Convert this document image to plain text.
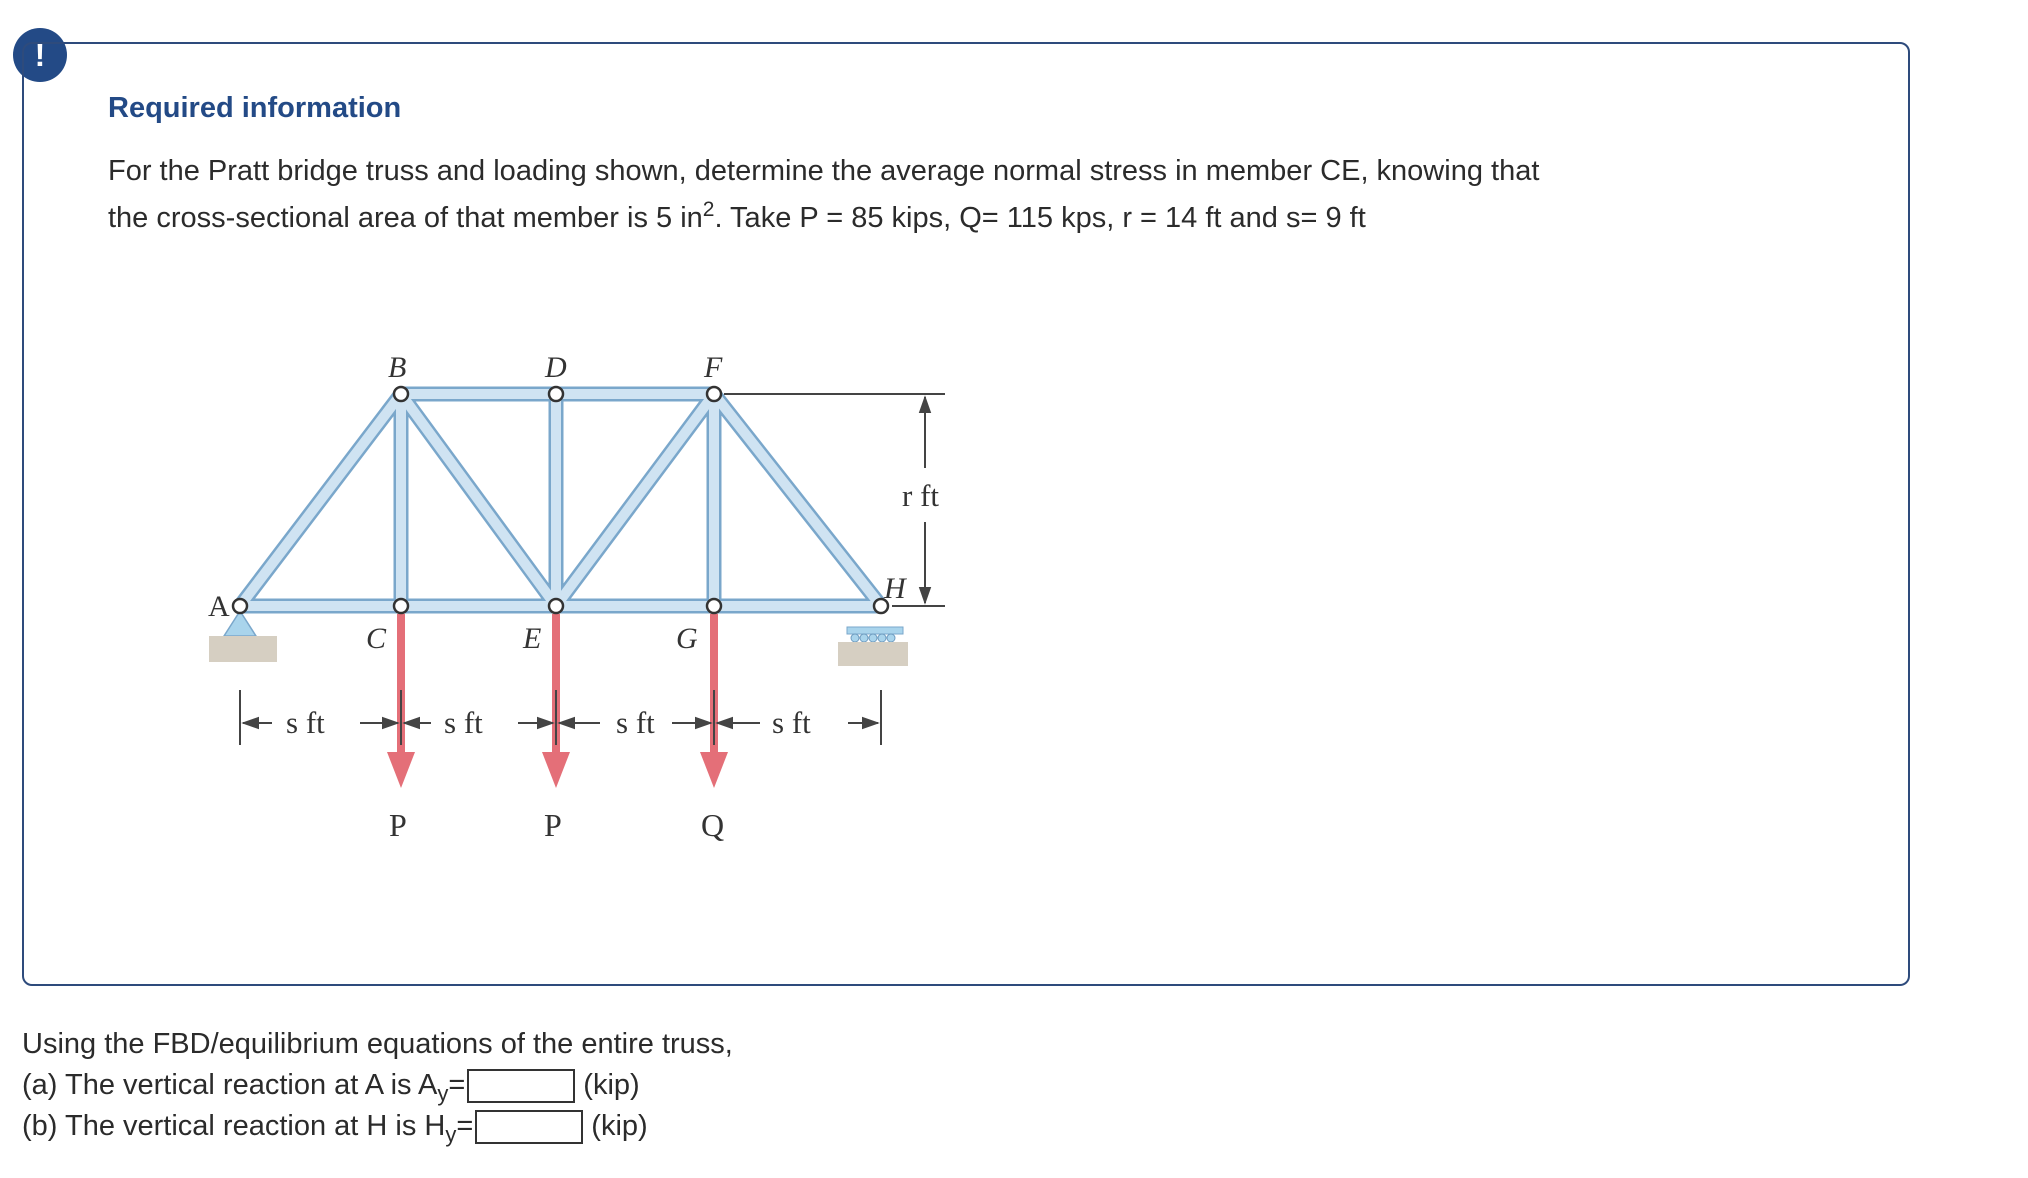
!
Required information
For the Pratt bridge truss and loading shown, determine the average normal stress in member CE, knowing that
the cross-sectional area of that member is 5 $in^2$. Take P = 85 kips, Q= 115 kps, r = 14 ft and s= 9 ft
A
B
C
D
E
F
G
H
P	P	Q
s ft	s ft	s ft	s ft
r ft
Using the FBD/equilibrium equations of the entire truss,
(a) The vertical reaction at A is A y =	(kip)
(b) The vertical reaction at H is H y =	(kip)
